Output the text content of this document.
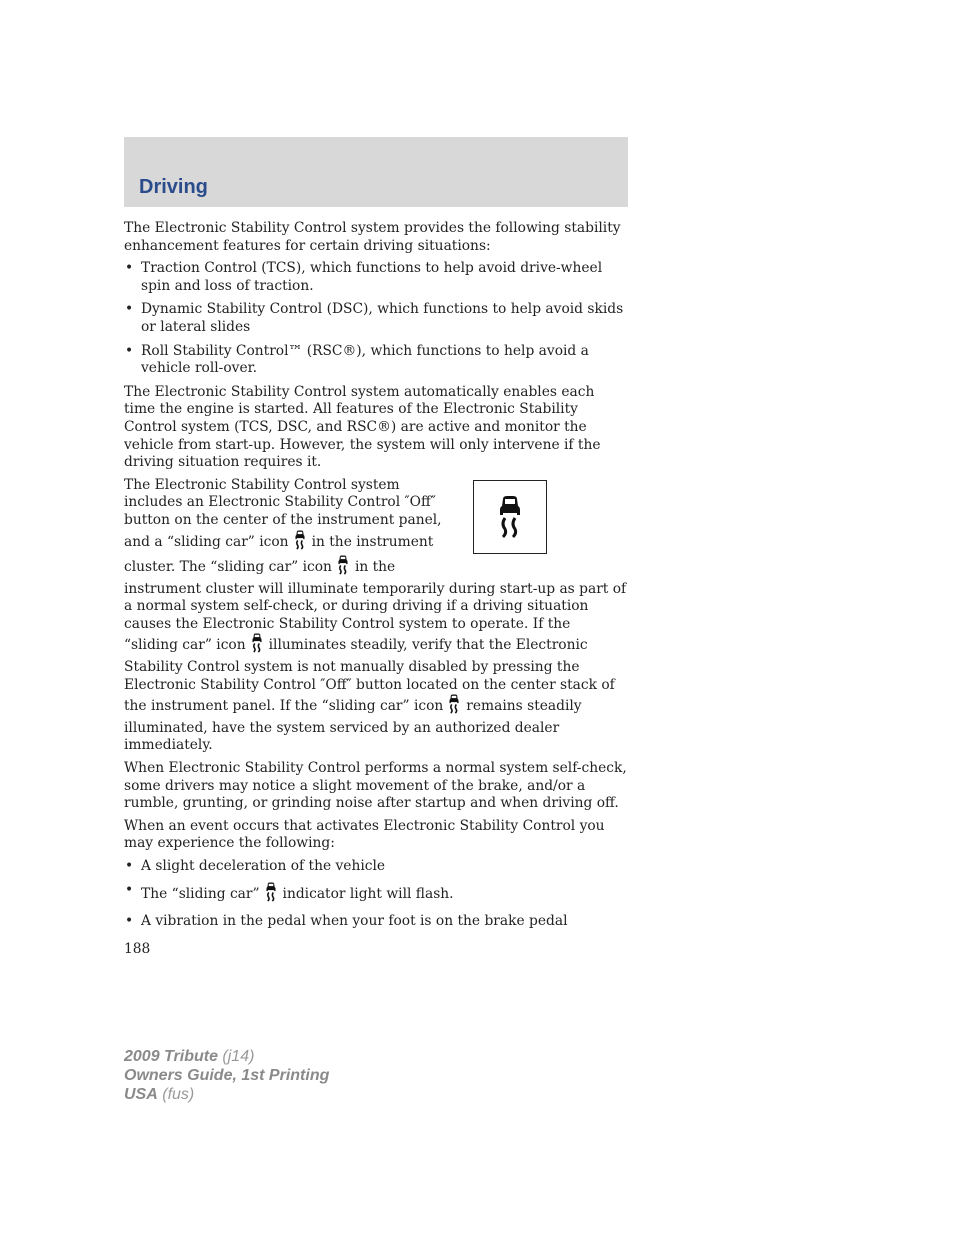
Driving

The Electronic Stability Control system provides the following stability enhancement features for certain driving situations:

• Traction Control (TCS), which functions to help avoid drive-wheel spin and loss of traction.
• Dynamic Stability Control (DSC), which functions to help avoid skids or lateral slides
• Roll Stability Control™ (RSC®), which functions to help avoid a vehicle roll-over.

The Electronic Stability Control system automatically enables each time the engine is started. All features of the Electronic Stability Control system (TCS, DSC, and RSC®) are active and monitor the vehicle from start-up. However, the system will only intervene if the driving situation requires it.

The Electronic Stability Control system includes an Electronic Stability Control ″Off″ button on the center of the instrument panel, and a “sliding car” icon in the instrument cluster. The “sliding car” icon in the instrument cluster will illuminate temporarily during start-up as part of a normal system self-check, or during driving if a driving situation causes the Electronic Stability Control system to operate. If the “sliding car” icon illuminates steadily, verify that the Electronic Stability Control system is not manually disabled by pressing the Electronic Stability Control ″Off″ button located on the center stack of the instrument panel. If the “sliding car” icon remains steadily illuminated, have the system serviced by an authorized dealer immediately.

When Electronic Stability Control performs a normal system self-check, some drivers may notice a slight movement of the brake, and/or a rumble, grunting, or grinding noise after startup and when driving off.

When an event occurs that activates Electronic Stability Control you may experience the following:

• A slight deceleration of the vehicle
• The “sliding car” indicator light will flash.
• A vibration in the pedal when your foot is on the brake pedal
188
2009 Tribute (j14)
Owners Guide, 1st Printing
USA (fus)
